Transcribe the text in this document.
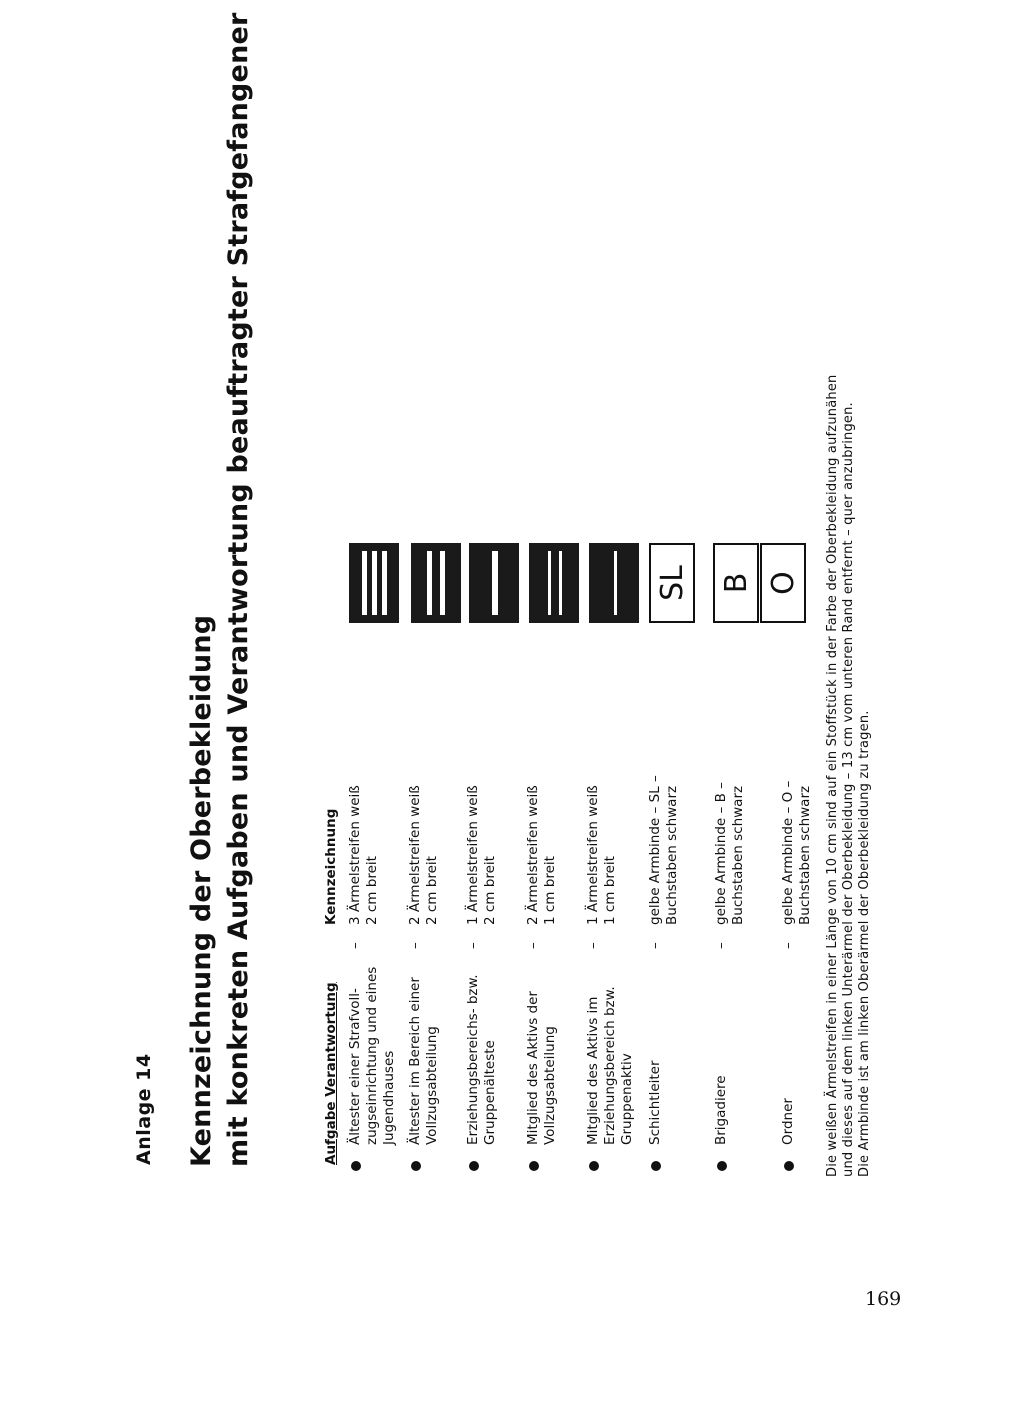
Anlage 14 Kennzeichnung der Oberbekleidung mit konkreten Aufgaben und Verantwortung beauftragter Strafgefangener	Aufgabe Verantwortung
Kennzeichnung
Ältester einer Strafvoll-zugseinrichtung und eines Jugendhauses
–
3 Ärmelstreifen weiß 2 cm breit
Ältester im Bereich einer Vollzugsabteilung
–
2 Ärmelstreifen weiß 2 cm breit
Erziehungsbereichs- bzw. Gruppenälteste
–
1 Ärmelstreifen weiß 2 cm breit
Mitglied des Aktivs der Vollzugsabteilung
–
2 Ärmelstreifen weiß 1 cm breit
Mitglied des Aktivs im Erziehungsbereich bzw. Gruppenaktiv
–
1 Ärmelstreifen weiß 1 cm breit
Schichtleiter
–
gelbe Armbinde – SL –
Buchstaben schwarz
SL
Brigadiere
–
gelbe Armbinde – B – Buchstaben schwarz
B
Ordner
–
gelbe Armbinde – O – Buchstaben schwarz
O	Die weißen Ärmelstreifen in einer Länge von 10 cm sind auf ein Stoffstück in der Farbe der Oberbekleidung aufzunähen und dieses auf dem linken Unterärmel der Oberbekleidung – 13 cm vom unteren Rand entfernt – quer anzubringen. Die Armbinde ist am linken Oberärmel der Oberbekleidung zu tragen.
169
